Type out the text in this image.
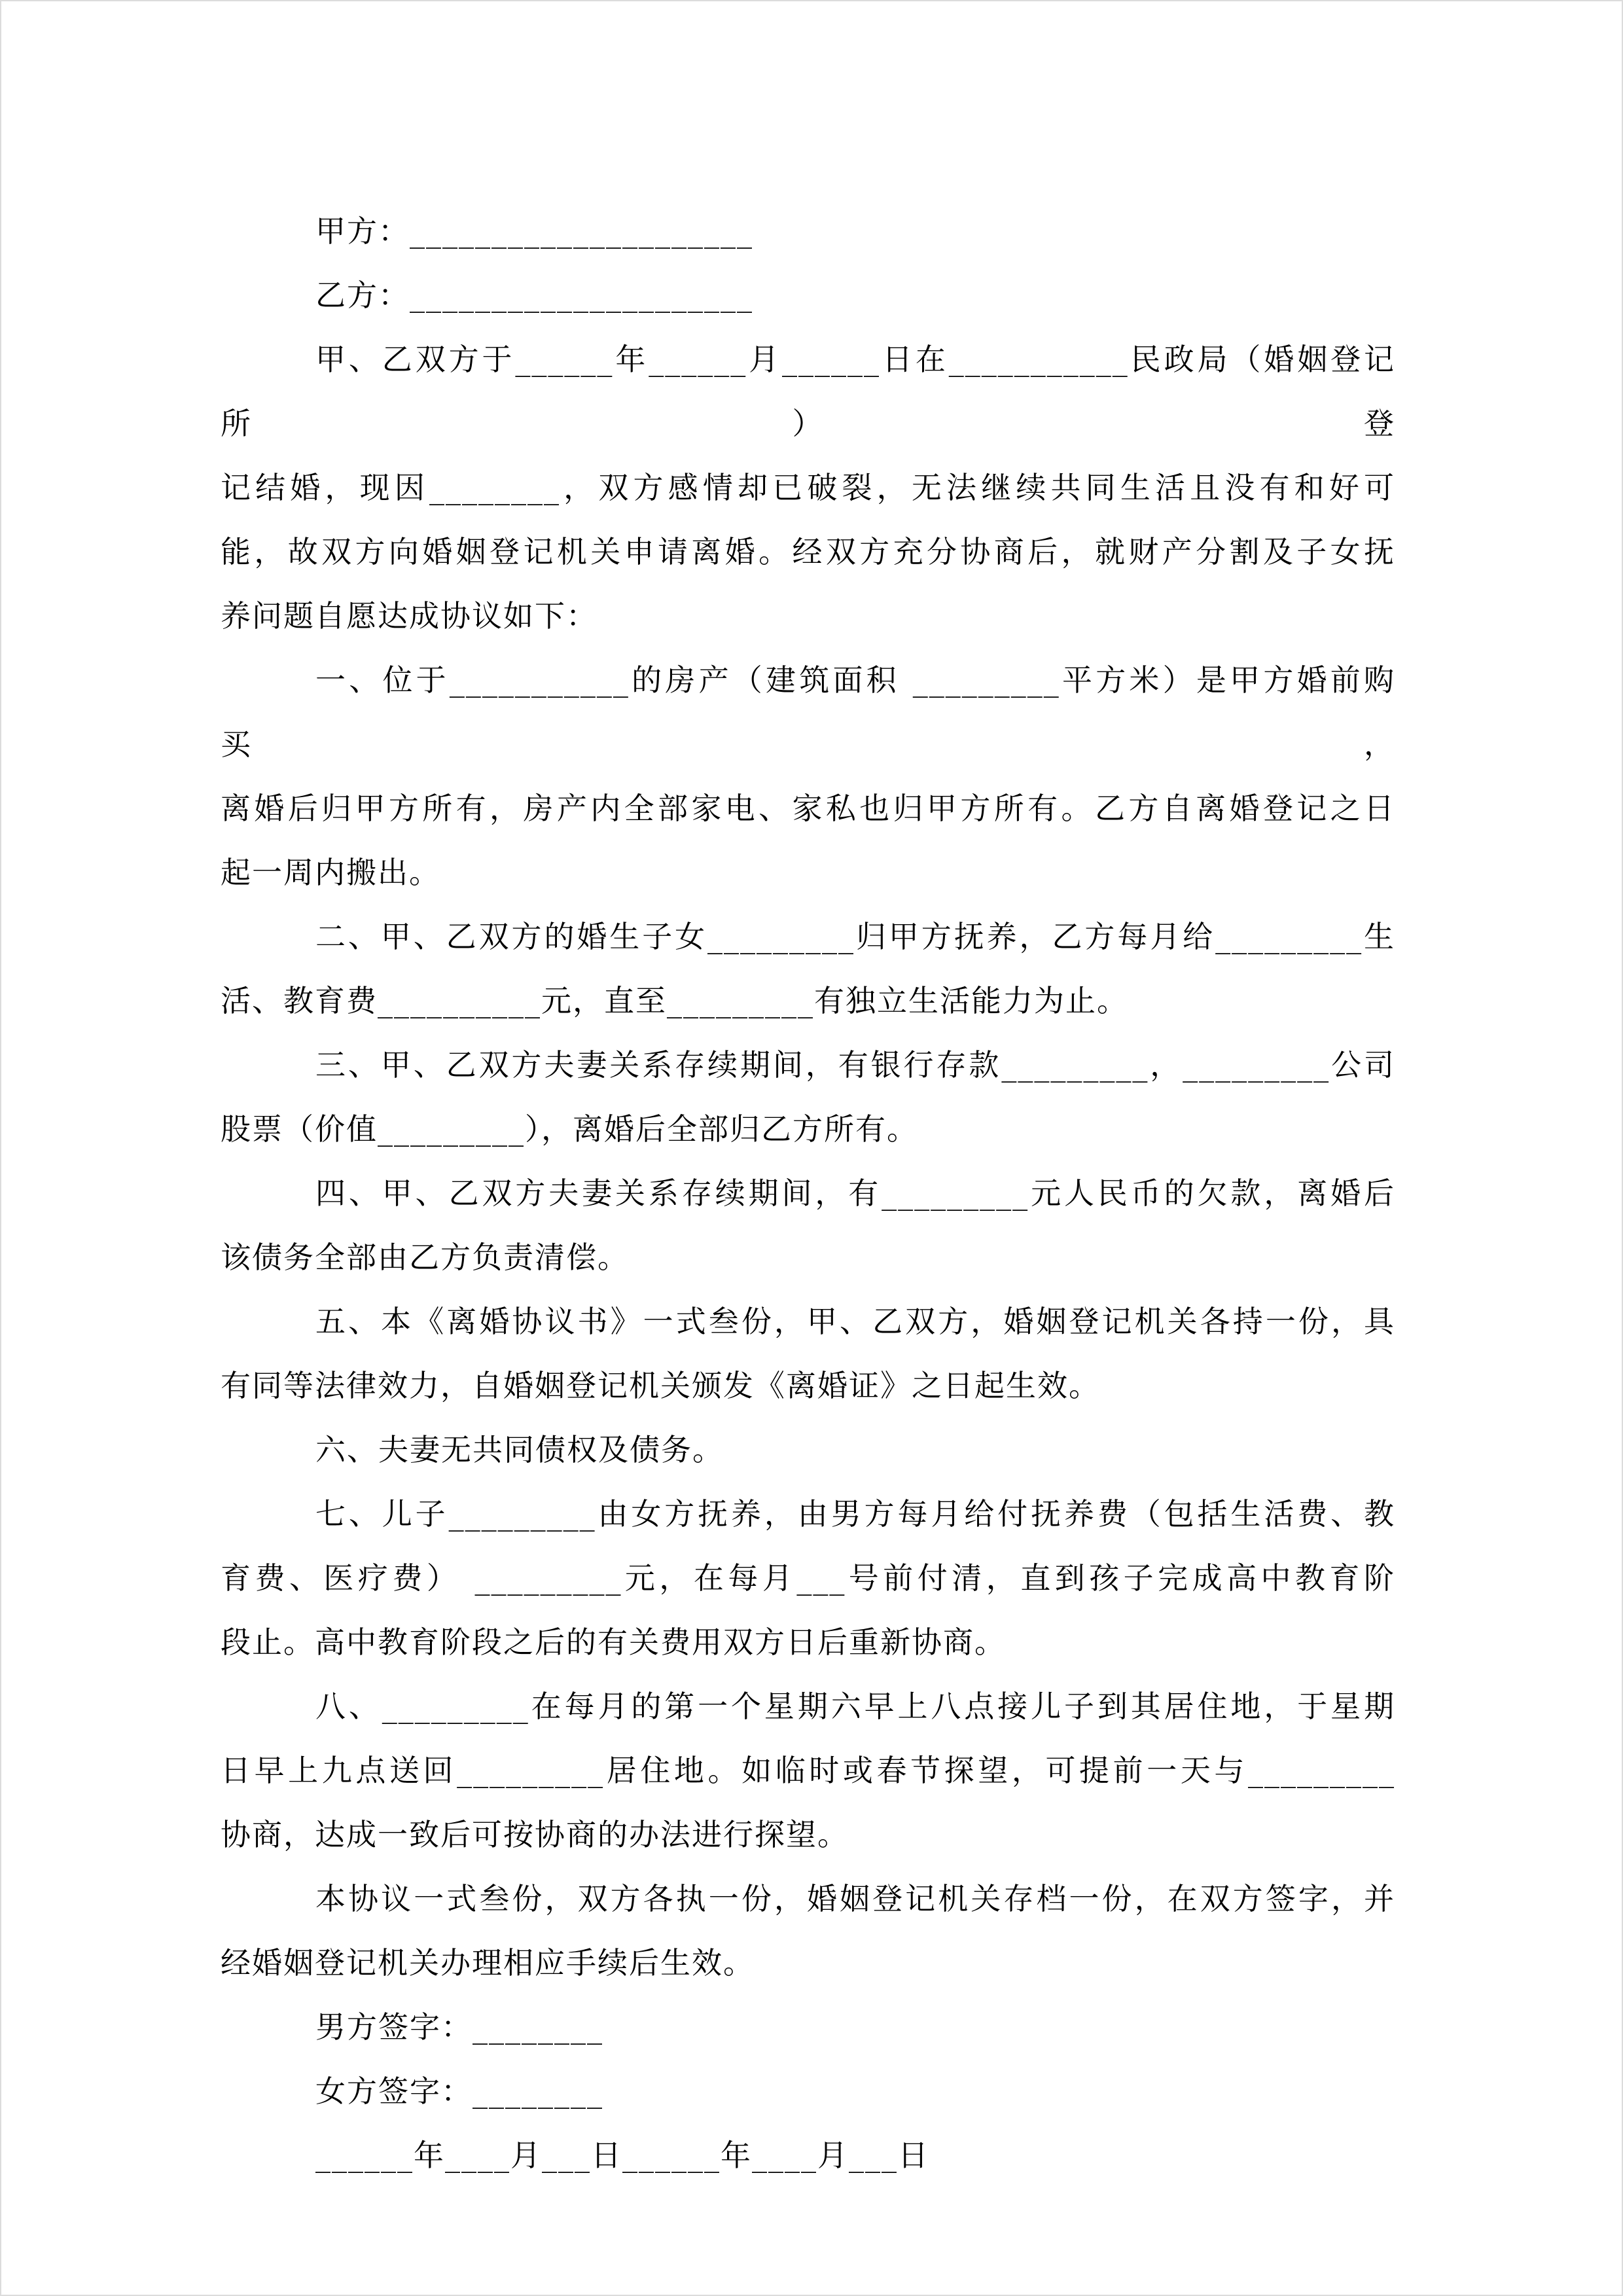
甲方：_____________________
乙方：_____________________
甲、乙双方于______年______月______日在___________民政局（婚姻登记所）登
记结婚，现因________，双方感情却已破裂，无法继续共同生活且没有和好可
能，故双方向婚姻登记机关申请离婚。经双方充分协商后，就财产分割及子女抚
养问题自愿达成协议如下：
一、位于___________的房产（建筑面积 _________平方米）是甲方婚前购买，
离婚后归甲方所有，房产内全部家电、家私也归甲方所有。乙方自离婚登记之日
起一周内搬出。
二、甲、乙双方的婚生子女_________归甲方抚养，乙方每月给_________生
活、教育费__________元，直至_________有独立生活能力为止。
三、甲、乙双方夫妻关系存续期间，有银行存款_________，_________公司
股票（价值_________），离婚后全部归乙方所有。
四、甲、乙双方夫妻关系存续期间，有_________元人民币的欠款，离婚后
该债务全部由乙方负责清偿。
五、本《离婚协议书》一式叁份，甲、乙双方，婚姻登记机关各持一份，具
有同等法律效力，自婚姻登记机关颁发《离婚证》之日起生效。
六、夫妻无共同债权及债务。
七、儿子_________由女方抚养，由男方每月给付抚养费（包括生活费、教
育费、医疗费） _________元，在每月___号前付清，直到孩子完成高中教育阶
段止。高中教育阶段之后的有关费用双方日后重新协商。
八、_________在每月的第一个星期六早上八点接儿子到其居住地，于星期
日早上九点送回_________居住地。如临时或春节探望，可提前一天与_________
协商，达成一致后可按协商的办法进行探望。
本协议一式叁份，双方各执一份，婚姻登记机关存档一份，在双方签字，并
经婚姻登记机关办理相应手续后生效。
男方签字：________
女方签字：________
______年____月___日______年____月___日
